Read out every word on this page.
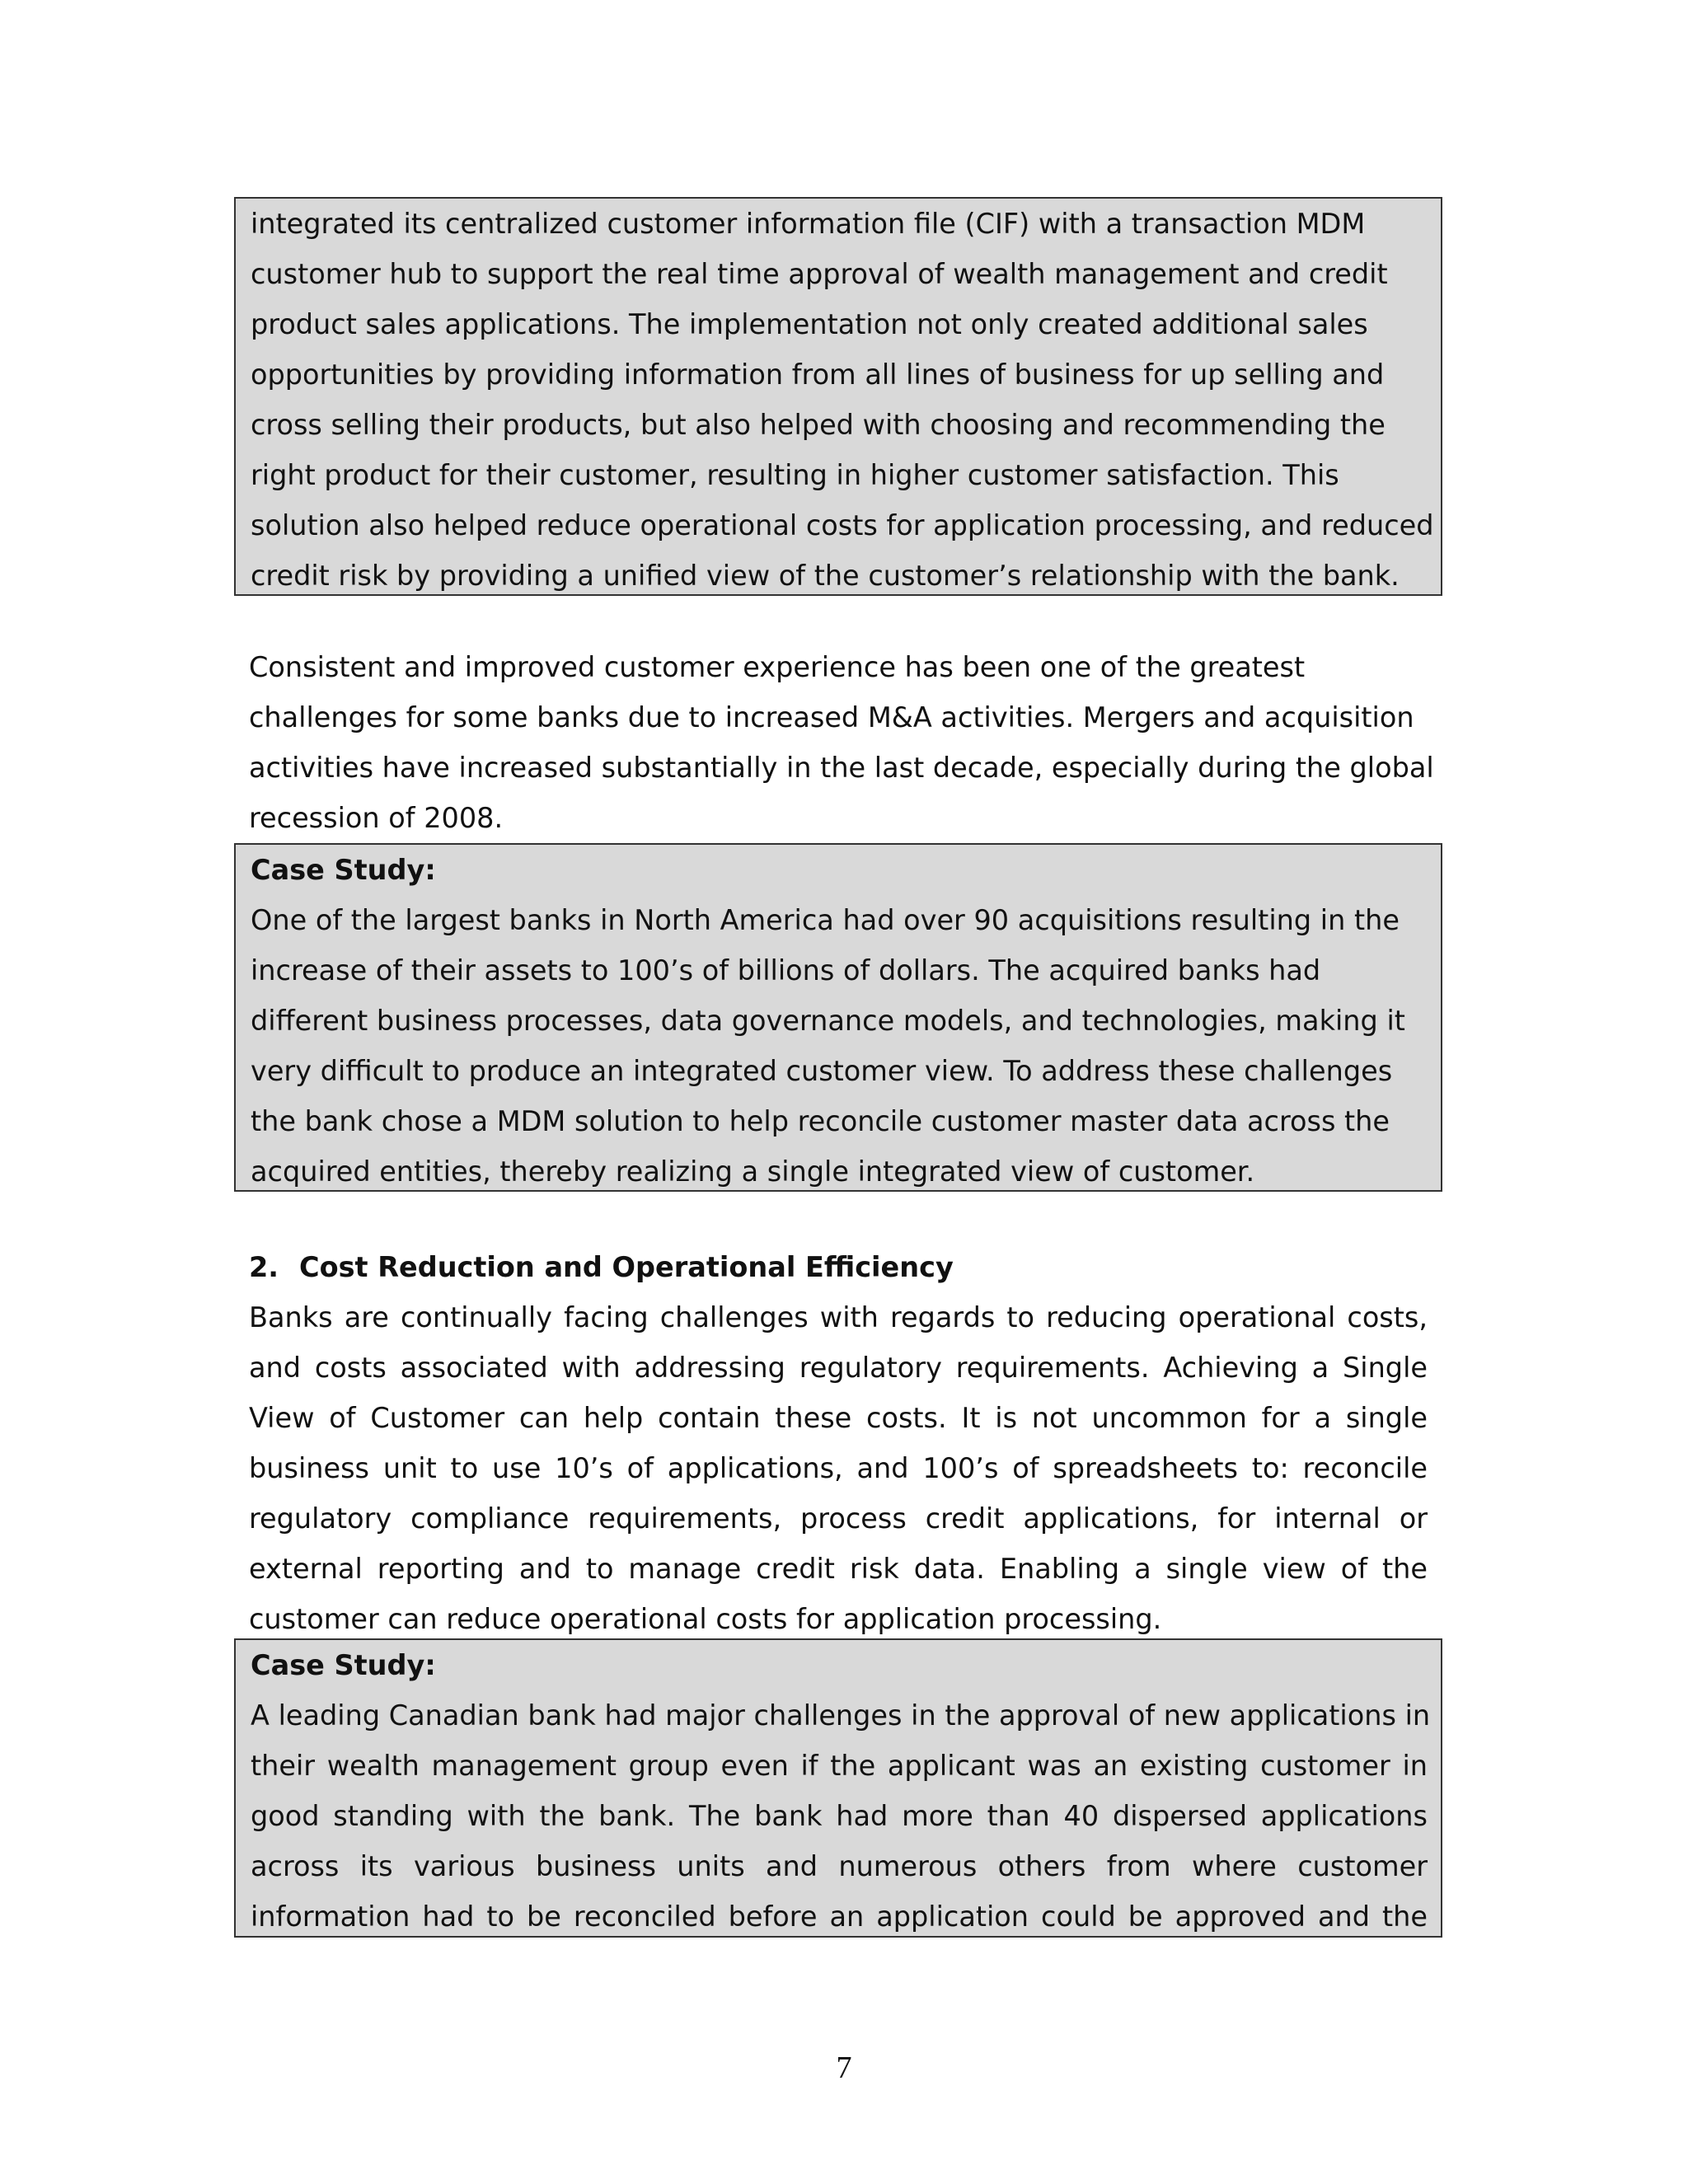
integrated its centralized customer information file (CIF) with a transaction MDM
customer hub to support the real time approval of wealth management and credit
product sales applications. The implementation not only created additional sales
opportunities by providing information from all lines of business for up selling and
cross selling their products, but also helped with choosing and recommending the
right product for their customer, resulting in higher customer satisfaction. This
solution also helped reduce operational costs for application processing, and reduced
credit risk by providing a unified view of the customer’s relationship with the bank.
Consistent and improved customer experience has been one of the greatest
challenges for some banks due to increased M&A activities. Mergers and acquisition
activities have increased substantially in the last decade, especially during the global
recession of 2008.
Case Study:
One of the largest banks in North America had over 90 acquisitions resulting in the
increase of their assets to 100’s of billions of dollars. The acquired banks had
different business processes, data governance models, and technologies, making it
very difficult to produce an integrated customer view. To address these challenges
the bank chose a MDM solution to help reconcile customer master data across the
acquired entities, thereby realizing a single integrated view of customer.
2. Cost Reduction and Operational Efficiency
Banks are continually facing challenges with regards to reducing operational costs,
and costs associated with addressing regulatory requirements. Achieving a Single
View of Customer can help contain these costs. It is not uncommon for a single
business unit to use 10’s of applications, and 100’s of spreadsheets to: reconcile
regulatory compliance requirements, process credit applications, for internal or
external reporting and to manage credit risk data. Enabling a single view of the
customer can reduce operational costs for application processing.
Case Study:
A leading Canadian bank had major challenges in the approval of new applications in
their wealth management group even if the applicant was an existing customer in
good standing with the bank. The bank had more than 40 dispersed applications
across its various business units and numerous others from where customer
information had to be reconciled before an application could be approved and the
7
